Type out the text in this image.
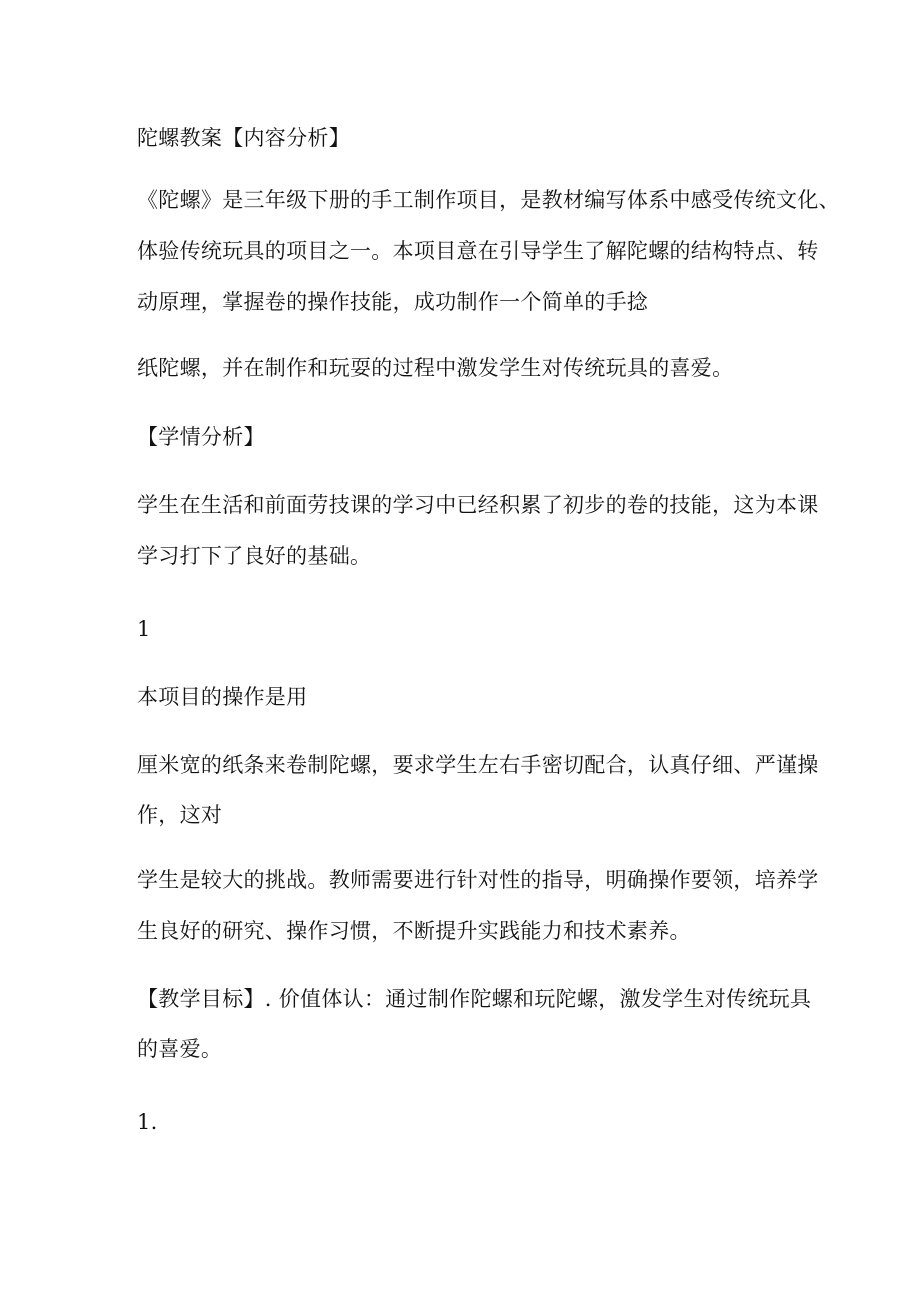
陀螺教案【内容分析】
《陀螺》是三年级下册的手工制作项目，是教材编写体系中感受传统文化、
体验传统玩具的项目之一。本项目意在引导学生了解陀螺的结构特点、转
动原理，掌握卷的操作技能，成功制作一个简单的手捻
纸陀螺，并在制作和玩耍的过程中激发学生对传统玩具的喜爱。
【学情分析】
学生在生活和前面劳技课的学习中已经积累了初步的卷的技能，这为本课
学习打下了良好的基础。
1
本项目的操作是用
厘米宽的纸条来卷制陀螺，要求学生左右手密切配合，认真仔细、严谨操
作，这对
学生是较大的挑战。教师需要进行针对性的指导，明确操作要领，培养学
生良好的研究、操作习惯，不断提升实践能力和技术素养。
【教学目标】. 价值体认：通过制作陀螺和玩陀螺，激发学生对传统玩具
的喜爱。
1.
